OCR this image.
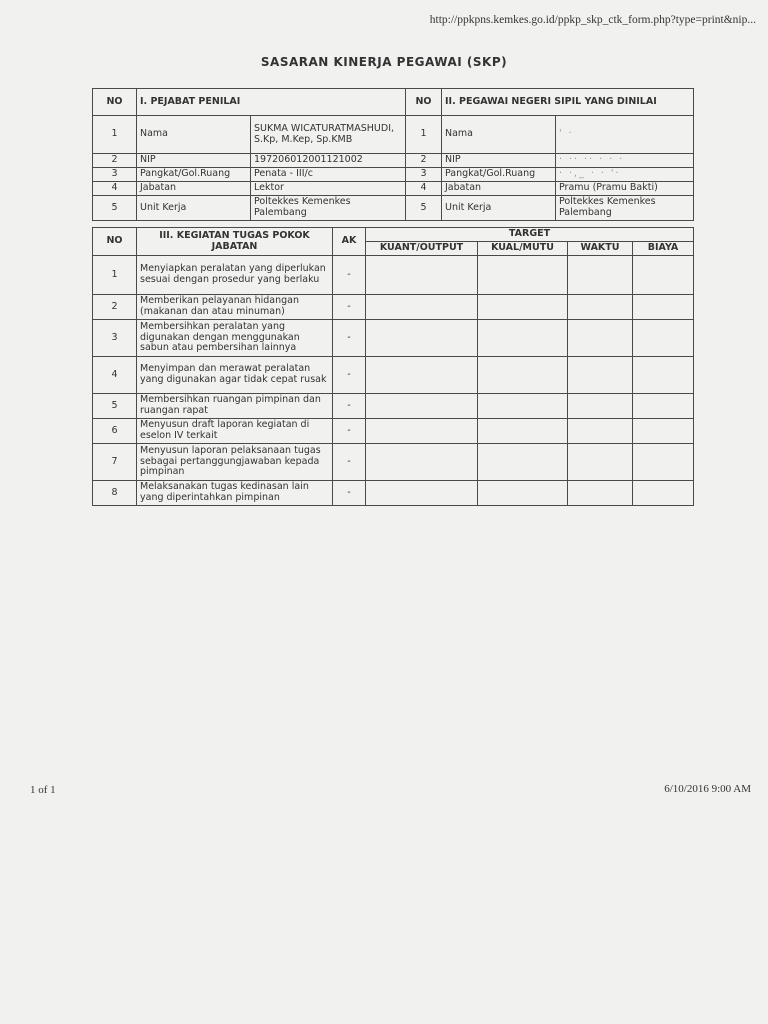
http://ppkpns.kemkes.go.id/ppkp_skp_ctk_form.php?type=print&nip...
SASARAN KINERJA PEGAWAI (SKP)
NO	I. PEJABAT PENILAI		NO	II. PEGAWAI NEGERI SIPIL YANG DINILAI	
1	Nama	SUKMA WICATURATMASHUDI, S.Kp, M.Kep, Sp.KMB	1	Nama	' ·
2	NIP	197206012001121002	2	NIP	· ·· ·· · · ·
3	Pangkat/Gol.Ruang	Penata - III/c	3	Pangkat/Gol.Ruang	· ·,_ · · '·
4	Jabatan	Lektor	4	Jabatan	Pramu (Pramu Bakti)
5	Unit Kerja	Poltekkes Kemenkes Palembang	5	Unit Kerja	Poltekkes Kemenkes Palembang
NO	III. KEGIATAN TUGAS POKOK JABATAN	AK	TARGET			
			KUANT/OUTPUT	KUAL/MUTU	WAKTU	BIAYA
1	Menyiapkan peralatan yang diperlukan sesuai dengan prosedur yang berlaku	-				
2	Memberikan pelayanan hidangan (makanan dan atau minuman)	-				
3	Membersihkan peralatan yang digunakan dengan menggunakan sabun atau pembersihan lainnya	-				
4	Menyimpan dan merawat peralatan yang digunakan agar tidak cepat rusak	-				
5	Membersihkan ruangan pimpinan dan ruangan rapat	-				
6	Menyusun draft laporan kegiatan di eselon IV terkait	-				
7	Menyusun laporan pelaksanaan tugas sebagai pertanggungjawaban kepada pimpinan	-				
8	Melaksanakan tugas kedinasan lain yang diperintahkan pimpinan	-				
1 of 1	6/10/2016 9:00 AM
